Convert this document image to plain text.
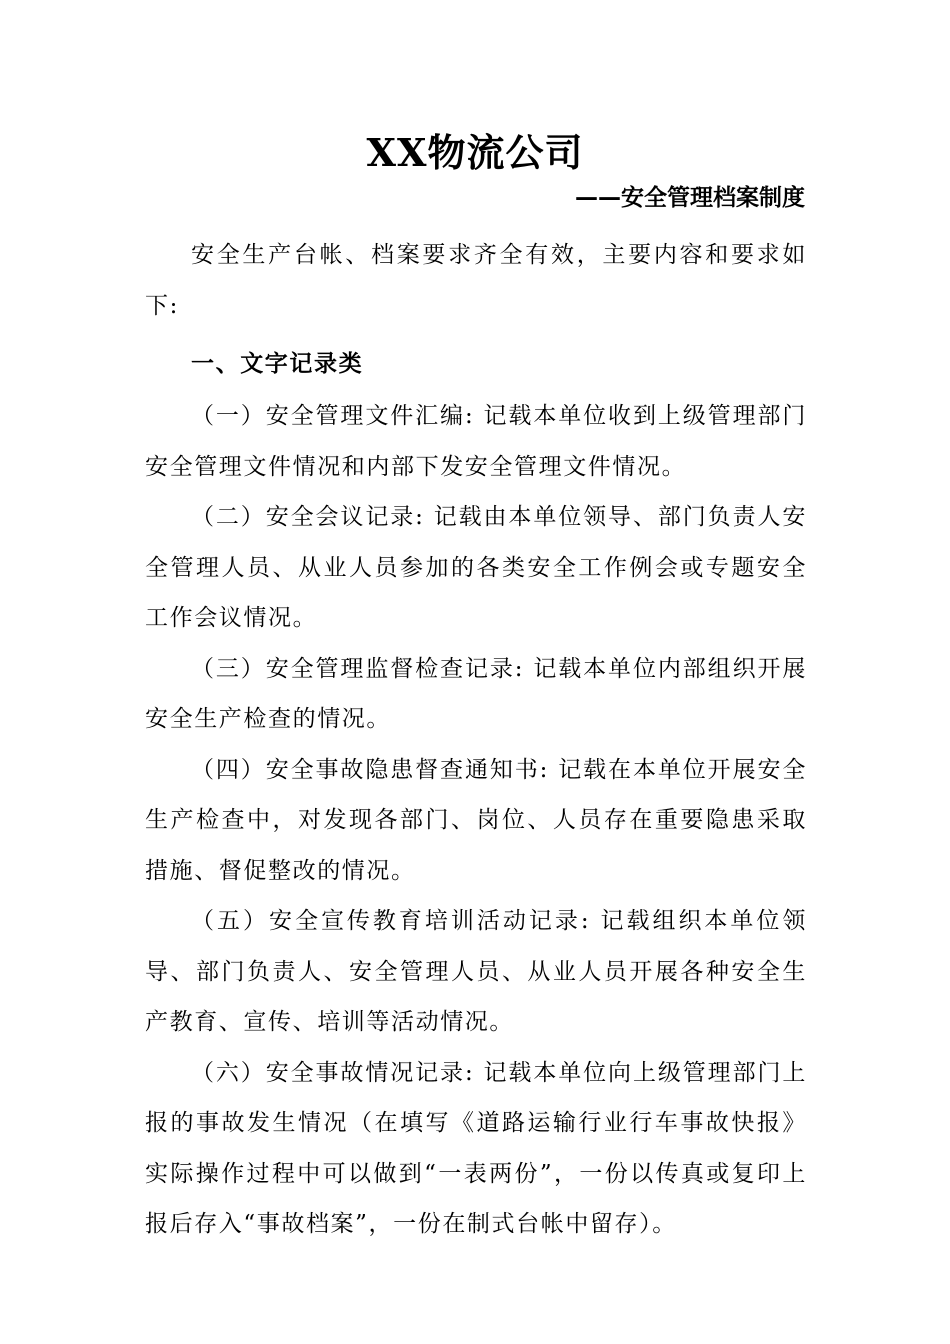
XX物流公司
——安全管理档案制度

安全生产台帐、档案要求齐全有效，主要内容和要求如下:

一、文字记录类

（一）安全管理文件汇编: 记载本单位收到上级管理部门安全管理文件情况和内部下发安全管理文件情况。

（二）安全会议记录: 记载由本单位领导、部门负责人安全管理人员、从业人员参加的各类安全工作例会或专题安全工作会议情况。

（三）安全管理监督检查记录: 记载本单位内部组织开展安全生产检查的情况。

（四）安全事故隐患督查通知书: 记载在本单位开展安全生产检查中，对发现各部门、岗位、人员存在重要隐患采取措施、督促整改的情况。

（五）安全宣传教育培训活动记录: 记载组织本单位领导、部门负责人、安全管理人员、从业人员开展各种安全生产教育、宣传、培训等活动情况。

（六）安全事故情况记录: 记载本单位向上级管理部门上报的事故发生情况（在填写《道路运输行业行车事故快报》实际操作过程中可以做到“一表两份”，一份以传真或复印上报后存入“事故档案”，一份在制式台帐中留存）。
